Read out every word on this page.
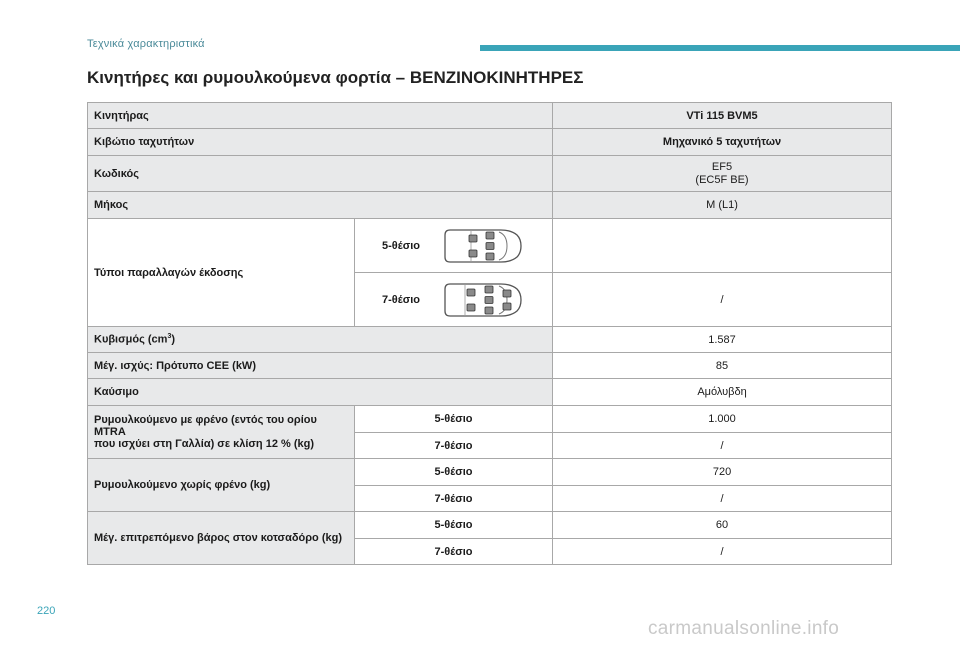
Τεχνικά χαρακτηριστικά
Κινητήρες και ρυμουλκούμενα φορτία – ΒΕΝΖΙΝΟΚΙΝΗΤΗΡΕΣ
Κινητήρας		VTi 115 BVM5
Κιβώτιο ταχυτήτων		Μηχανικό 5 ταχυτήτων
Κωδικός		EF5
(EC5F BE)

Μήκος		M (L1)
Τύποι παραλλαγών έκδοσης	5-θέσιο	

	7-θέσιο	/
Κυβισμός $(cm^3)$		1.587
Μέγ. ισχύς: Πρότυπο CEE (kW)		85
Καύσιμο		Αμόλυβδη

Ρυμουλκούμενο με φρένο (εντός του ορίου MTRA
που ισχύει στη Γαλλία) σε κλίση 12 % (kg)	5-θέσιο	1.000
	7-θέσιο	/
Ρυμουλκούμενο χωρίς φρένο (kg)	5-θέσιο	720
	7-θέσιο	/
Μέγ. επιτρεπόμενο βάρος στον κοτσαδόρο (kg)	5-θέσιο	60
	7-θέσιο	/
220
carmanualsonline.info
